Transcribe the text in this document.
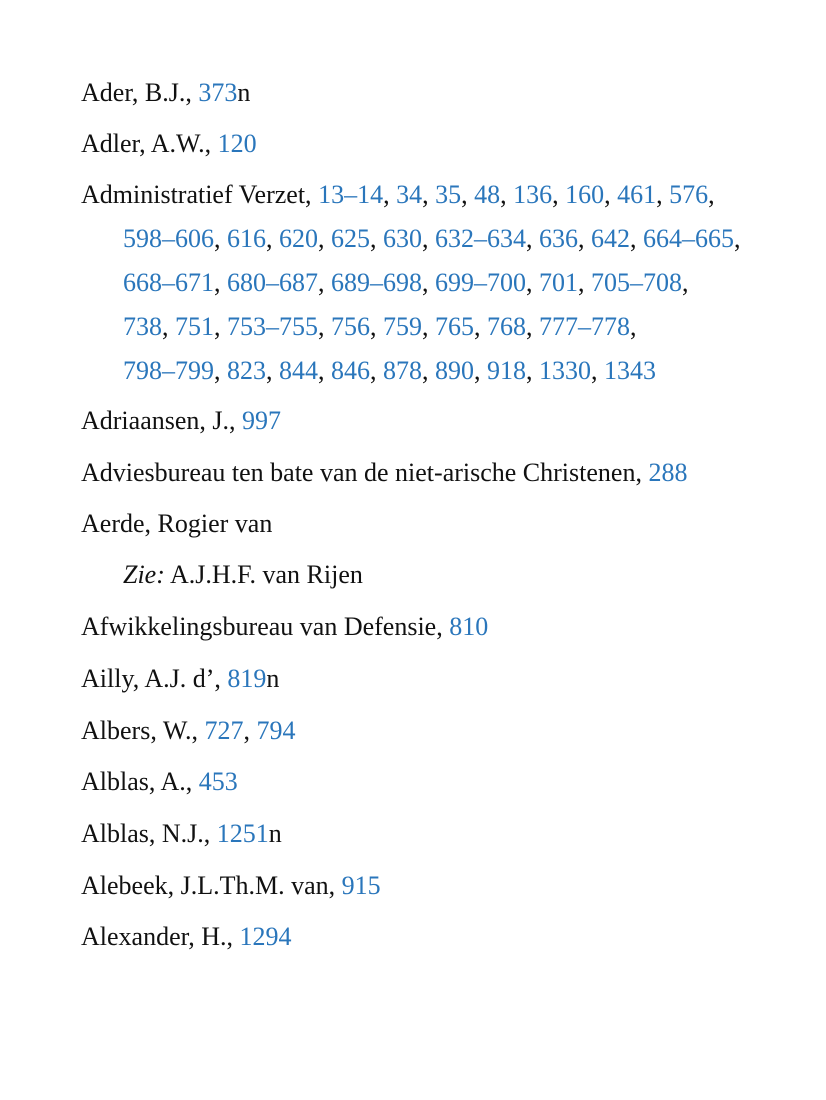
Ader, B.J., 373n
Adler, A.W., 120
Administratief Verzet, 13–14, 34, 35, 48, 136, 160, 461, 576,
598–606, 616, 620, 625, 630, 632–634, 636, 642, 664–665,
668–671, 680–687, 689–698, 699–700, 701, 705–708,
738, 751, 753–755, 756, 759, 765, 768, 777–778,
798–799, 823, 844, 846, 878, 890, 918, 1330, 1343
Adriaansen, J., 997
Adviesbureau ten bate van de niet-arische Christenen, 288
Aerde, Rogier van
Zie: A.J.H.F. van Rijen
Afwikkelingsbureau van Defensie, 810
Ailly, A.J. d’, 819n
Albers, W., 727, 794
Alblas, A., 453
Alblas, N.J., 1251n
Alebeek, J.L.Th.M. van, 915
Alexander, H., 1294
